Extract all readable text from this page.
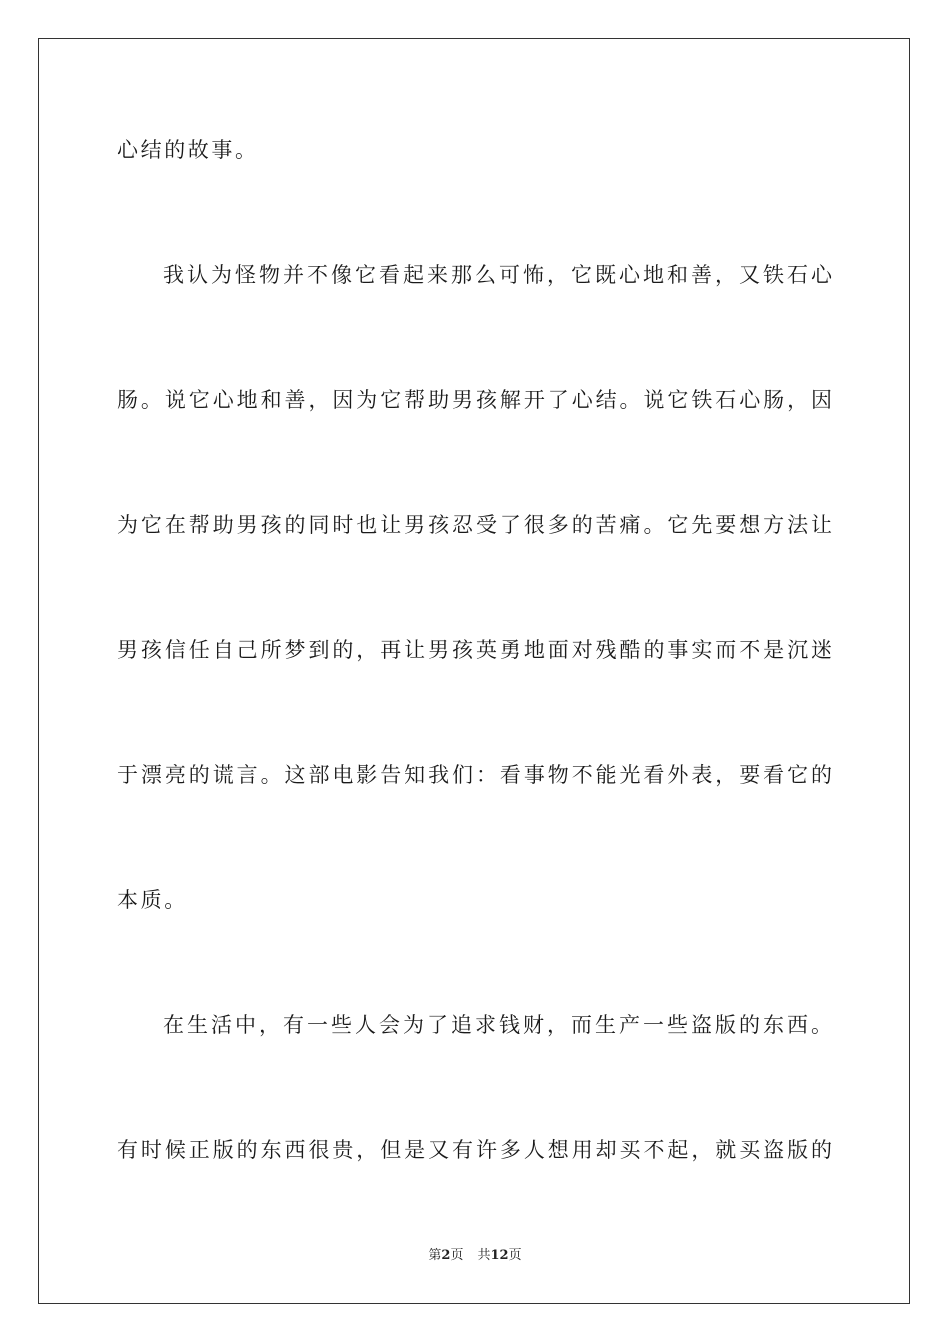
心结的故事。
我认为怪物并不像它看起来那么可怖，它既心地和善，又铁石心
肠。说它心地和善，因为它帮助男孩解开了心结。说它铁石心肠，因
为它在帮助男孩的同时也让男孩忍受了很多的苦痛。它先要想方法让
男孩信任自己所梦到的，再让男孩英勇地面对残酷的事实而不是沉迷
于漂亮的谎言。这部电影告知我们：看事物不能光看外表，要看它的
本质。
在生活中，有一些人会为了追求钱财，而生产一些盗版的东西。
有时候正版的东西很贵，但是又有许多人想用却买不起，就买盗版的
第2页 共12页
